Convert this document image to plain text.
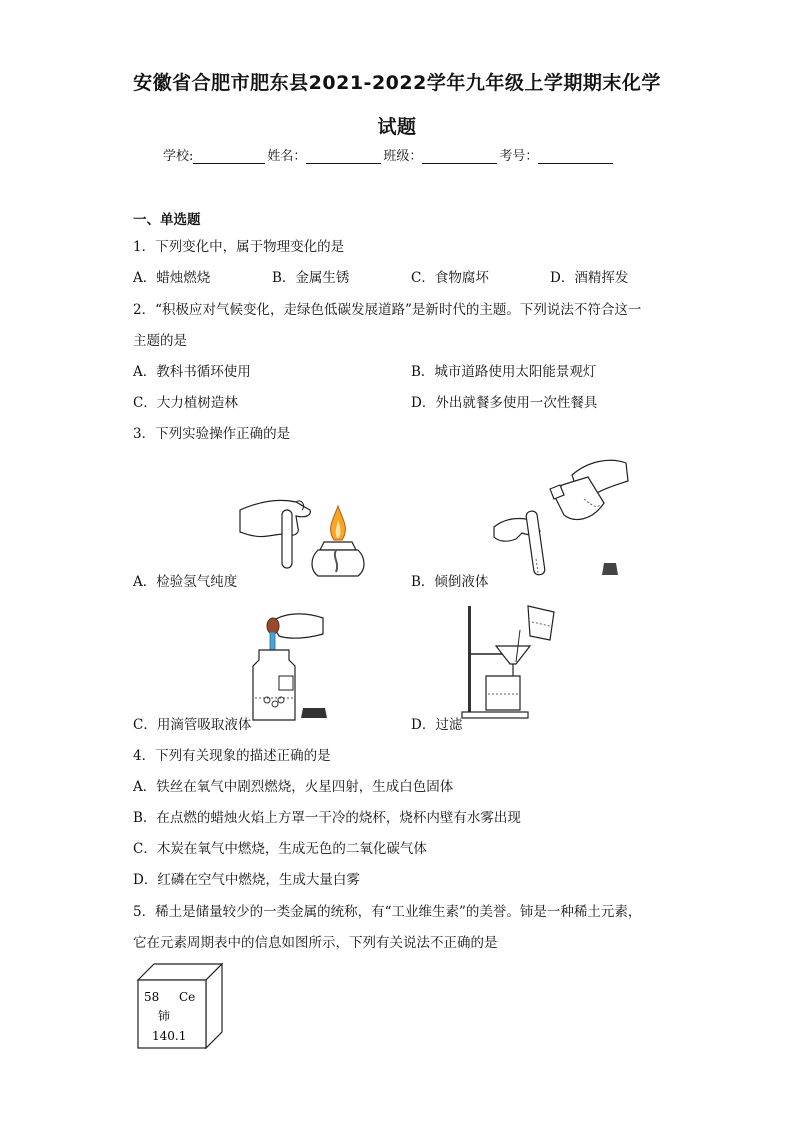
安徽省合肥市肥东县2021-2022学年九年级上学期期末化学
试题
学校:	姓名：	班级：	考号：
一、单选题
1．下列变化中，属于物理变化的是
A．蜡烛燃烧	B．金属生锈	C．食物腐坏	D．酒精挥发
2．“积极应对气候变化，走绿色低碳发展道路”是新时代的主题。下列说法不符合这一
主题的是
A．教科书循环使用	B．城市道路使用太阳能景观灯
C．大力植树造林	D．外出就餐多使用一次性餐具
3．下列实验操作正确的是
A．检验氢气纯度	B．倾倒液体
C．用滴管吸取液体	D．过滤
4．下列有关现象的描述正确的是
A．铁丝在氧气中剧烈燃烧，火星四射，生成白色固体
B．在点燃的蜡烛火焰上方罩一干冷的烧杯，烧杯内壁有水雾出现
C．木炭在氧气中燃烧，生成无色的二氧化碳气体
D．红磷在空气中燃烧，生成大量白雾
5．稀土是储量较少的一类金属的统称，有“工业维生素”的美誉。铈是一种稀土元素，
它在元素周期表中的信息如图所示，下列有关说法不正确的是
58 Ce
铈
140.1
